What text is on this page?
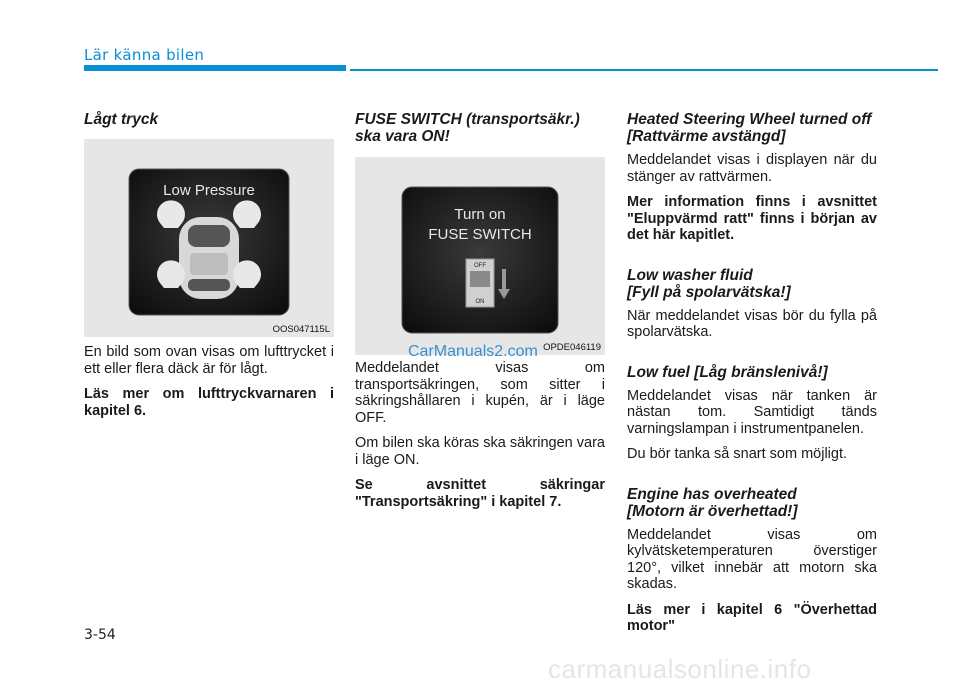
Lär känna bilen
Lågt tryck
Low Pressure
OOS047115L

En bild som ovan visas om lufttrycket i ett eller flera däck är för lågt.

Läs mer om lufttryckvarnaren i kapitel 6.

FUSE SWITCH (transportsäkr.) ska vara ON!
Turn on
FUSE SWITCH
OFF
ON
OPDE046119

Meddelandet visas om transportsäkringen, som sitter i säkringshållaren i kupén, är i läge OFF.

Om bilen ska köras ska säkringen vara i läge ON.

Se avsnittet säkringar "Transportsäkring" i kapitel 7.

Heated Steering Wheel turned off [Rattvärme avstängd]

Meddelandet visas i displayen när du stänger av rattvärmen.

Mer information finns i avsnittet "Eluppvärmd ratt" finns i början av det här kapitlet.

Low washer fluid
[Fyll på spolarvätska!]

När meddelandet visas bör du fylla på spolarvätska.

Low fuel [Låg bränslenivå!]

Meddelandet visas när tanken är nästan tom. Samtidigt tänds varningslampan i instrumentpanelen.

Du bör tanka så snart som möjligt.

Engine has overheated
[Motorn är överhettad!]

Meddelandet visas om kylvätsketemperaturen överstiger 120°, vilket innebär att motorn ska skadas.

Läs mer i kapitel 6 "Överhettad motor"

3-54
CarManuals2.com
carmanualsonline.info
